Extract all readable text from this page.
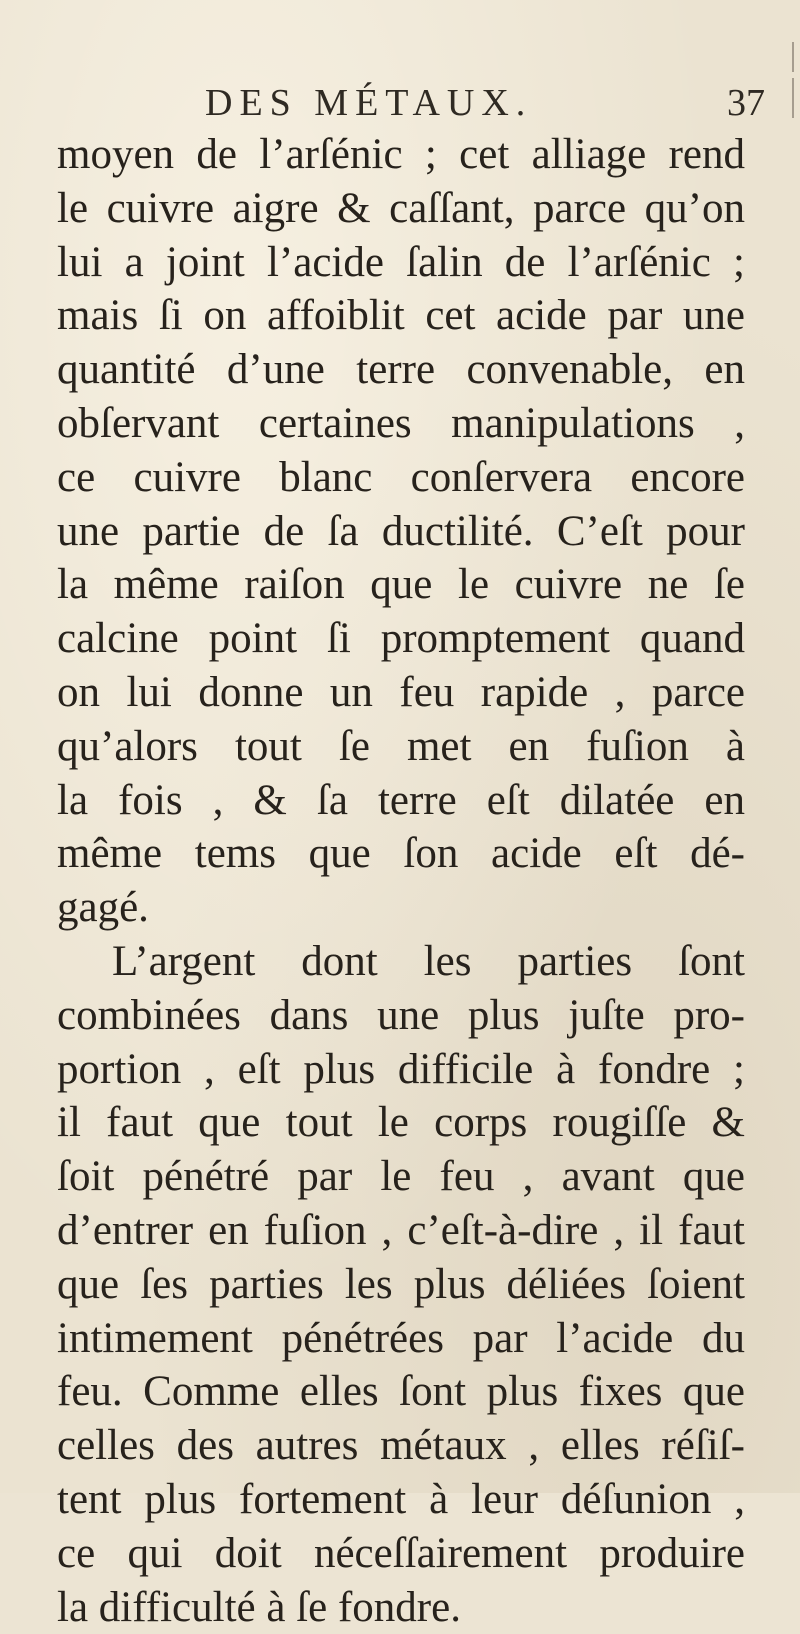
DES MÉTAUX.	37
moyen de l’arſénic ; cet alliage rend
le cuivre aigre & caſſant, parce qu’on
lui a joint l’acide ſalin de l’arſénic ;
mais ſi on affoiblit cet acide par une
quantité d’une terre convenable, en
obſervant certaines manipulations ,
ce cuivre blanc conſervera encore
une partie de ſa ductilité. C’eſt pour
la même raiſon que le cuivre ne ſe
calcine point ſi promptement quand
on lui donne un feu rapide , parce
qu’alors tout ſe met en fuſion à
la fois , & ſa terre eſt dilatée en
même tems que ſon acide eſt dé-
gagé.
L’argent dont les parties ſont
combinées dans une plus juſte pro-
portion , eſt plus difficile à fondre ;
il faut que tout le corps rougiſſe &
ſoit pénétré par le feu , avant que
d’entrer en fuſion , c’eſt-à-dire , il faut
que ſes parties les plus déliées ſoient
intimement pénétrées par l’acide du
feu. Comme elles ſont plus fixes que
celles des autres métaux , elles réſiſ-
tent plus fortement à leur déſunion ,
ce qui doit néceſſairement produire
la difficulté à ſe fondre.
